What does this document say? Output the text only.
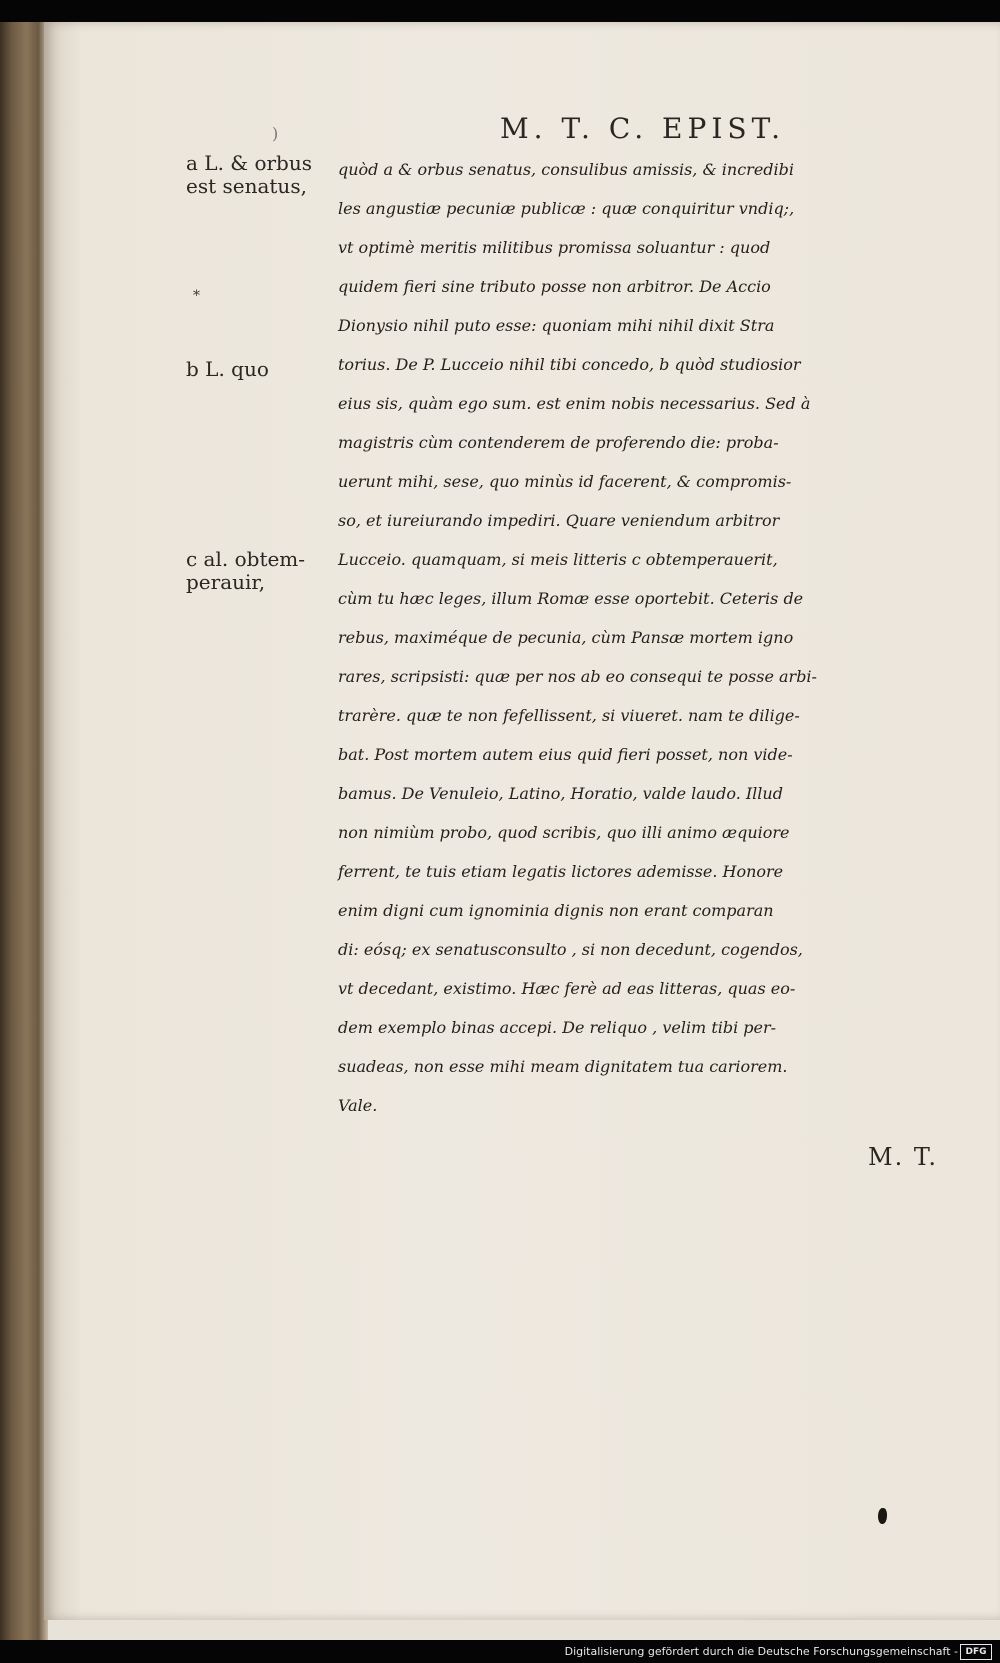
)	M. T. C. EPIST.
a L. & orbus
est senatus,
*
b L. quo
c al. obtem-
perauir,
quòd a & orbus senatus, consulibus amissis, & incredibi
les angustiæ pecuniæ publicæ : quæ conquiritur vndiq;,
vt optimè meritis militibus promissa soluantur : quod
quidem fieri sine tributo posse non arbitror. De Accio
Dionysio nihil puto esse: quoniam mihi nihil dixit Stra
torius. De P. Lucceio nihil tibi concedo, b quòd studiosior
eius sis, quàm ego sum. est enim nobis necessarius. Sed à
magistris cùm contenderem de proferendo die: proba-
uerunt mihi, sese, quo minùs id facerent, & compromis-
so, et iureiurando impediri. Quare veniendum arbitror
Lucceio. quamquam, si meis litteris c obtemperauerit,
cùm tu hæc leges, illum Romæ esse oportebit. Ceteris de
rebus, maximéque de pecunia, cùm Pansæ mortem igno
rares, scripsisti: quæ per nos ab eo consequi te posse arbi-
trarère. quæ te non fefellissent, si viueret. nam te dilige-
bat. Post mortem autem eius quid fieri posset, non vide-
bamus. De Venuleio, Latino, Horatio, valde laudo. Illud
non nimiùm probo, quod scribis, quo illi animo æquiore
ferrent, te tuis etiam legatis lictores ademisse. Honore
enim digni cum ignominia dignis non erant comparan
di: eósq; ex senatusconsulto , si non decedunt, cogendos,
vt decedant, existimo. Hæc ferè ad eas litteras, quas eo-
dem exemplo binas accepi. De reliquo , velim tibi per-
suadeas, non esse mihi meam dignitatem tua cariorem.
Vale.
M. T.
Digitalisierung gefördert durch die Deutsche Forschungsgemeinschaft - DFG
